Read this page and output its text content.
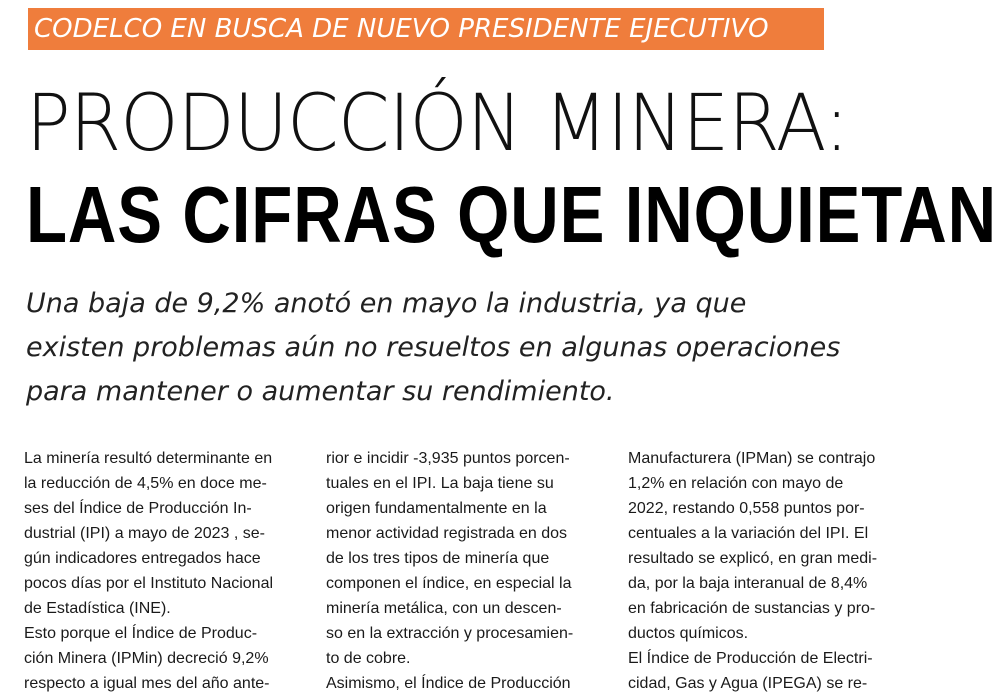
CODELCO EN BUSCA DE NUEVO PRESIDENTE EJECUTIVO
PRODUCCIÓN MINERA:
LAS CIFRAS QUE INQUIETAN
Una baja de 9,2% anotó en mayo la industria, ya que
existen problemas aún no resueltos en algunas operaciones
para mantener o aumentar su rendimiento.
La minería resultó determinante en
la reducción de 4,5% en doce me-
ses del Índice de Producción In-
dustrial (IPI) a mayo de 2023 , se-
gún indicadores entregados hace
pocos días por el Instituto Nacional
de Estadística (INE).
Esto porque el Índice de Produc-
ción Minera (IPMin) decreció 9,2%
respecto a igual mes del año ante-
rior e incidir -3,935 puntos porcen-
tuales en el IPI. La baja tiene su
origen fundamentalmente en la
menor actividad registrada en dos
de los tres tipos de minería que
componen el índice, en especial la
minería metálica, con un descen-
so en la extracción y procesamien-
to de cobre.
Asimismo, el Índice de Producción
Manufacturera (IPMan) se contrajo
1,2% en relación con mayo de
2022, restando 0,558 puntos por-
centuales a la variación del IPI. El
resultado se explicó, en gran medi-
da, por la baja interanual de 8,4%
en fabricación de sustancias y pro-
ductos químicos.
El Índice de Producción de Electri-
cidad, Gas y Agua (IPEGA) se re-
